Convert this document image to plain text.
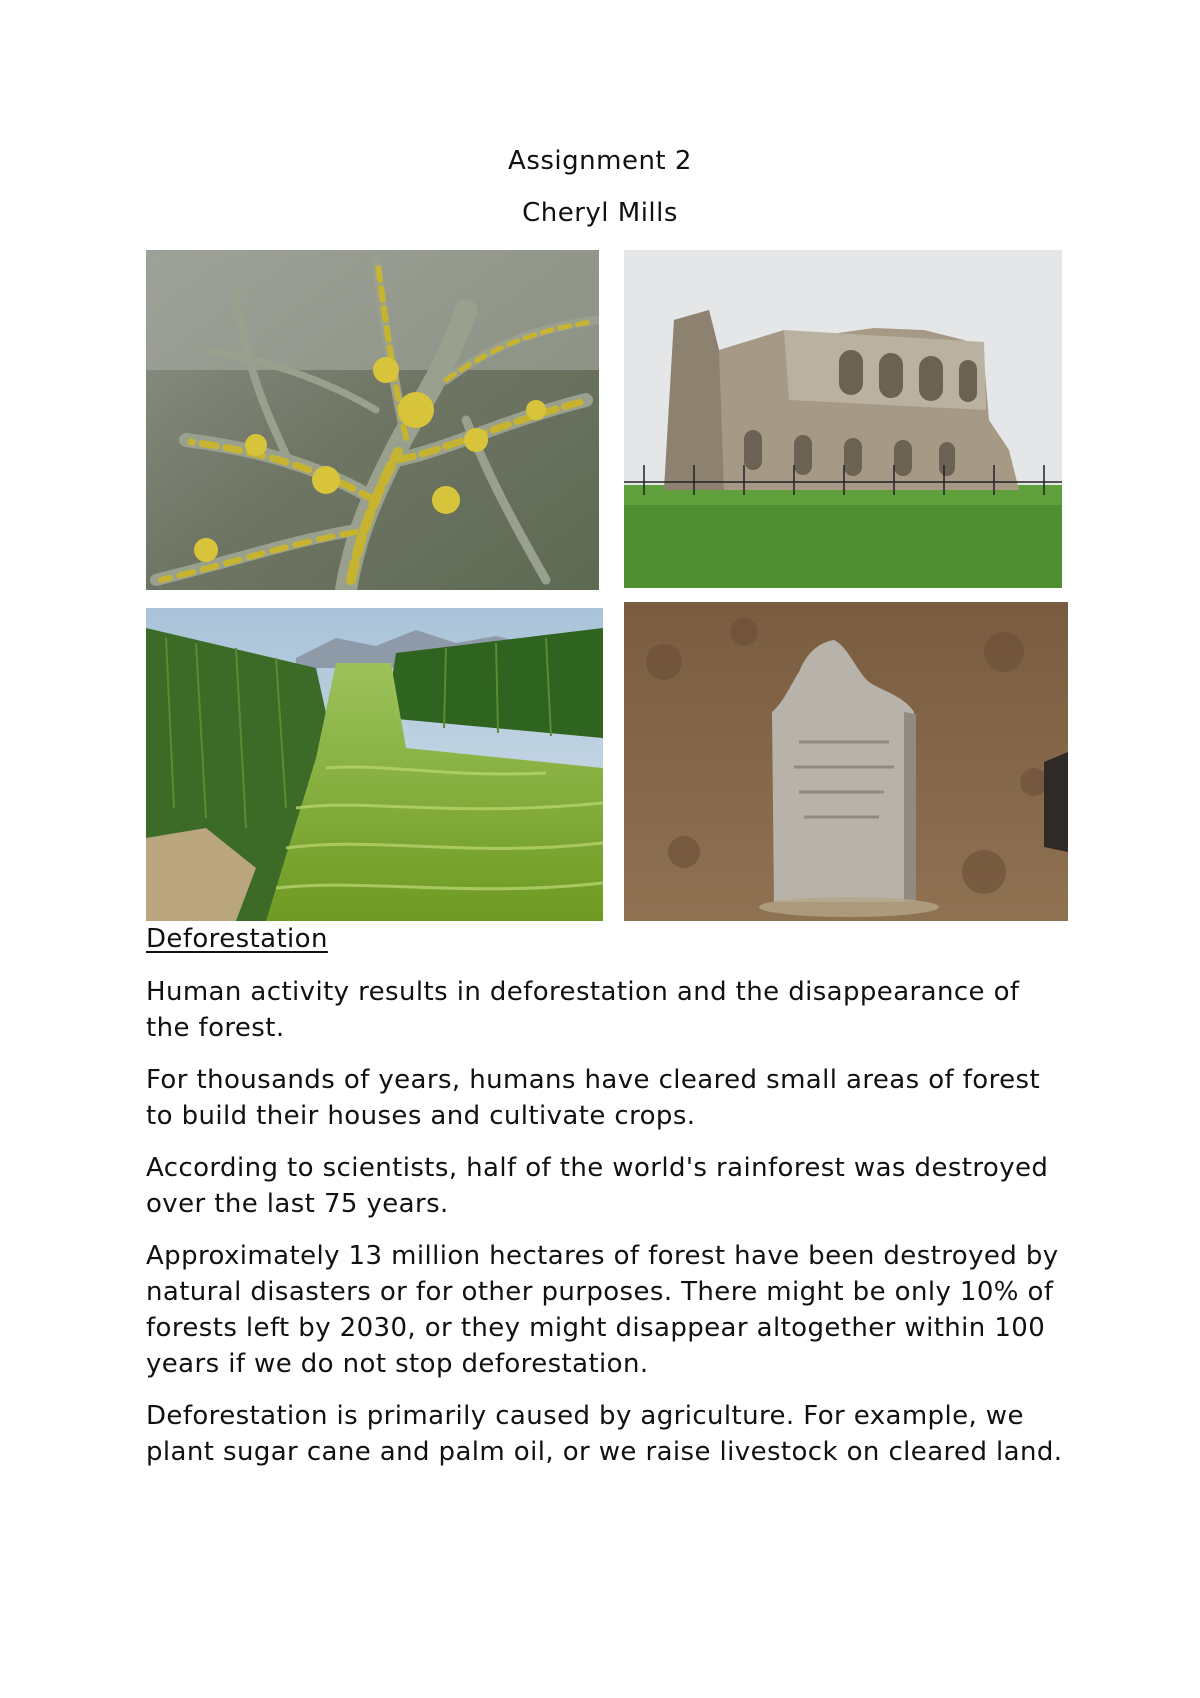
Assignment 2
Cheryl Mills
Deforestation

Human activity results in deforestation and the disappearance of the forest.

For thousands of years, humans have cleared small areas of forest to build their houses and cultivate crops.

According to scientists, half of the world's rainforest was destroyed over the last 75 years.

Approximately 13 million hectares of forest have been destroyed by natural disasters or for other purposes. There might be only 10% of forests left by 2030, or they might disappear altogether within 100 years if we do not stop deforestation.

Deforestation is primarily caused by agriculture. For example, we plant sugar cane and palm oil, or we raise livestock on cleared land.
